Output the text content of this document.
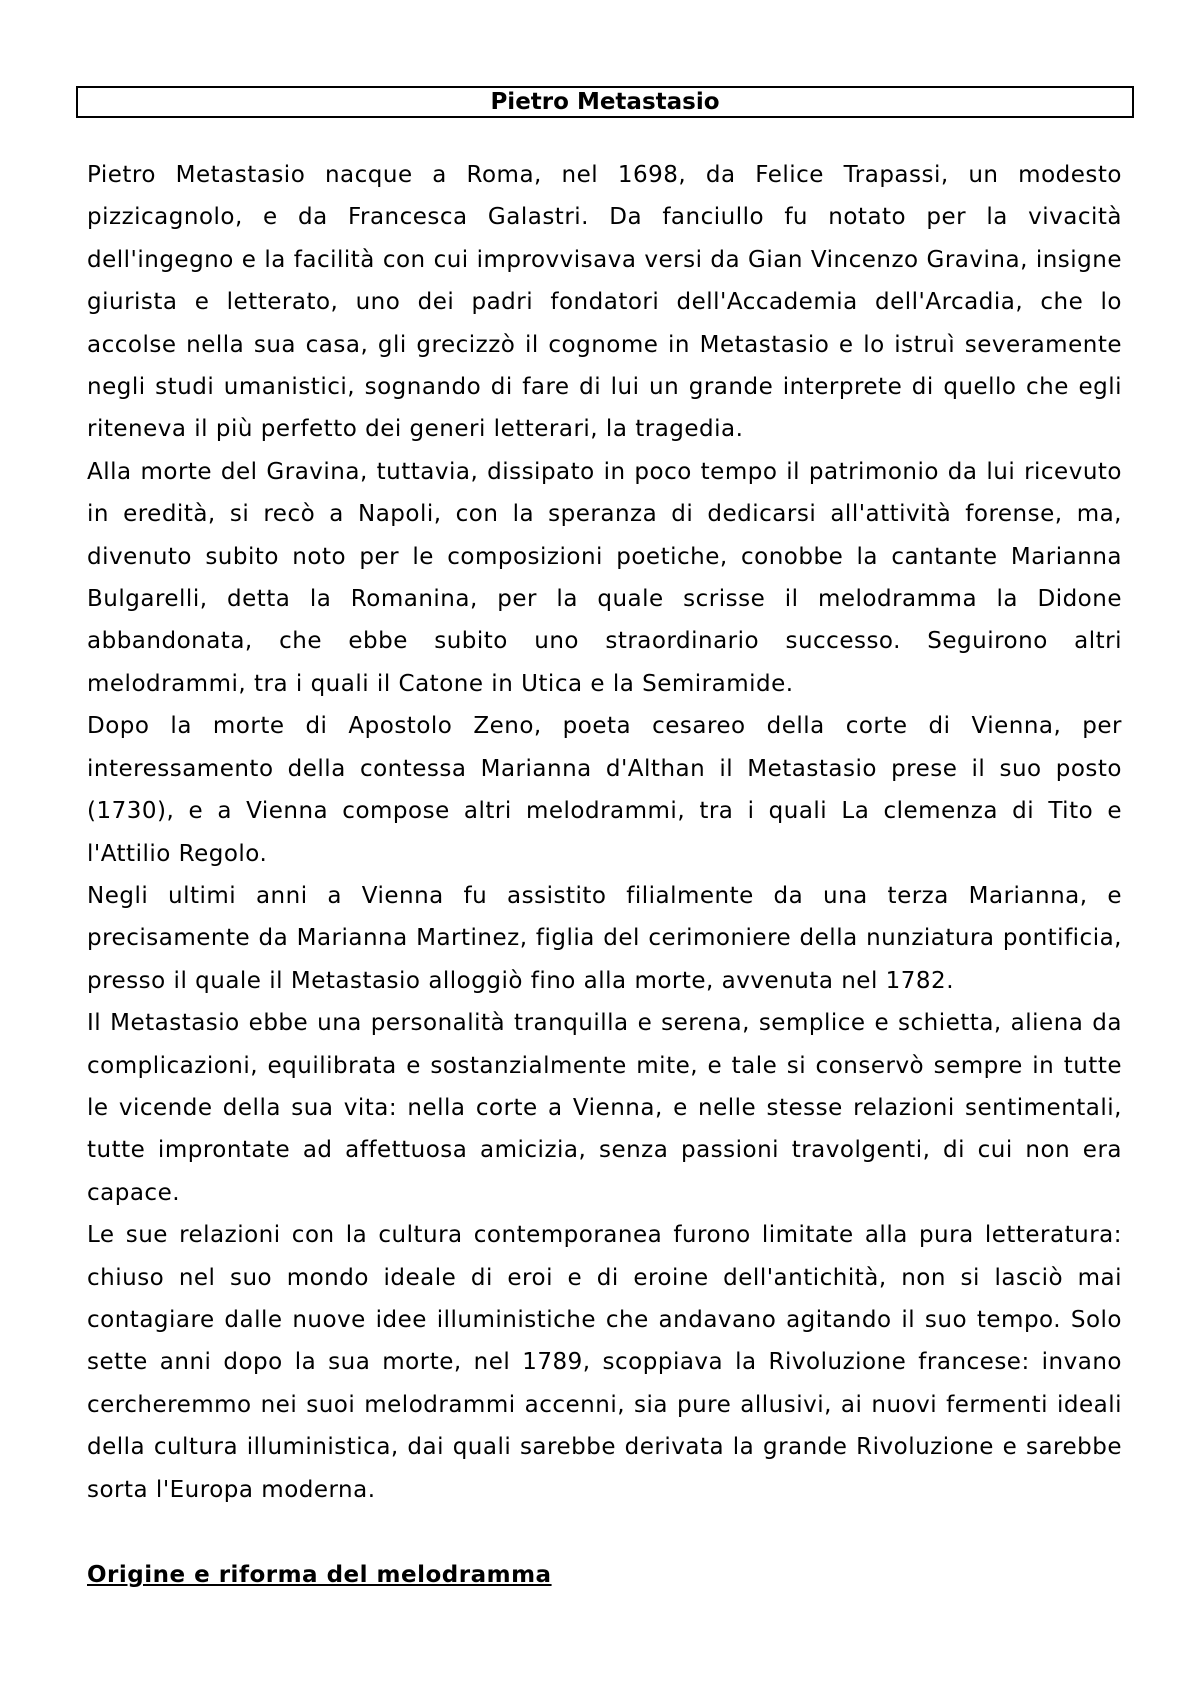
Pietro Metastasio

Pietro Metastasio nacque a Roma, nel 1698, da Felice Trapassi, un modesto pizzicagnolo, e da Francesca Galastri. Da fanciullo fu notato per la vivacità dell'ingegno e la facilità con cui improvvisava versi da Gian Vincenzo Gravina, insigne giurista e letterato, uno dei padri fondatori dell'Accademia dell'Arcadia, che lo accolse nella sua casa, gli grecizzò il cognome in Metastasio e lo istruì severamente negli studi umanistici, sognando di fare di lui un grande interprete di quello che egli riteneva il più perfetto dei generi letterari, la tragedia.

Alla morte del Gravina, tuttavia, dissipato in poco tempo il patrimonio da lui ricevuto in eredità, si recò a Napoli, con la speranza di dedicarsi all'attività forense, ma, divenuto subito noto per le composizioni poetiche, conobbe la cantante Marianna Bulgarelli, detta la Romanina, per la quale scrisse il melodramma la Didone abbandonata, che ebbe subito uno straordinario successo. Seguirono altri melodrammi, tra i quali il Catone in Utica e la Semiramide.

Dopo la morte di Apostolo Zeno, poeta cesareo della corte di Vienna, per interessamento della contessa Marianna d'Althan il Metastasio prese il suo posto (1730), e a Vienna compose altri melodrammi, tra i quali La clemenza di Tito e l'Attilio Regolo.

Negli ultimi anni a Vienna fu assistito filialmente da una terza Marianna, e precisamente da Marianna Martinez, figlia del cerimoniere della nunziatura pontificia, presso il quale il Metastasio alloggiò fino alla morte, avvenuta nel 1782.

Il Metastasio ebbe una personalità tranquilla e serena, semplice e schietta, aliena da complicazioni, equilibrata e sostanzialmente mite, e tale si conservò sempre in tutte le vicende della sua vita: nella corte a Vienna, e nelle stesse relazioni sentimentali, tutte improntate ad affettuosa amicizia, senza passioni travolgenti, di cui non era capace.

Le sue relazioni con la cultura contemporanea furono limitate alla pura letteratura: chiuso nel suo mondo ideale di eroi e di eroine dell'antichità, non si lasciò mai contagiare dalle nuove idee illuministiche che andavano agitando il suo tempo. Solo sette anni dopo la sua morte, nel 1789, scoppiava la Rivoluzione francese: invano cercheremmo nei suoi melodrammi accenni, sia pure allusivi, ai nuovi fermenti ideali della cultura illuministica, dai quali sarebbe derivata la grande Rivoluzione e sarebbe sorta l'Europa moderna.

Origine e riforma del melodramma
